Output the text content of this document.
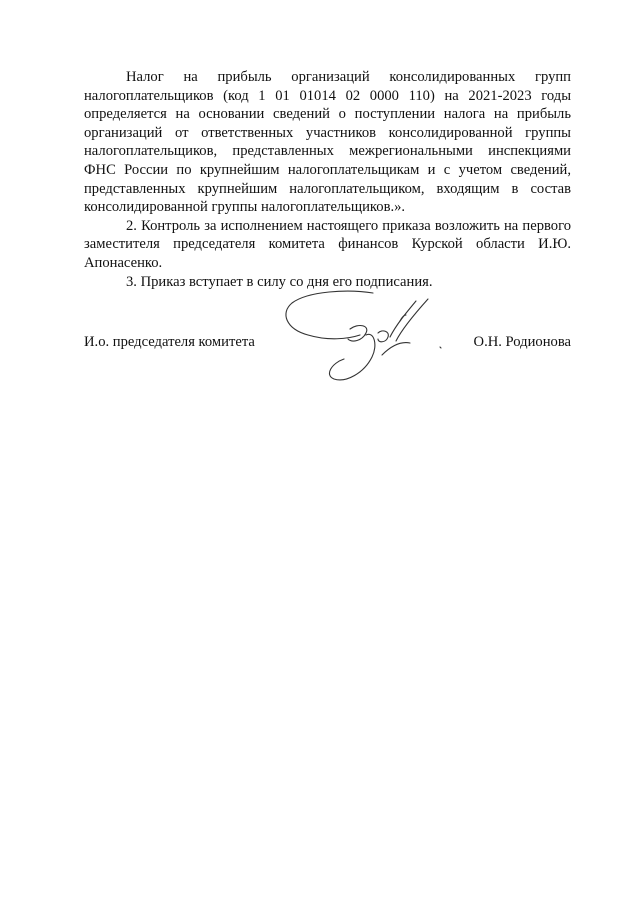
Налог на прибыль организаций консолидированных групп налогоплательщиков (код 1 01 01014 02 0000 110) на 2021-2023 годы определяется на основании сведений о поступлении налога на прибыль организаций от ответственных участников консолидированной группы налогоплательщиков, представленных межрегиональными инспекциями ФНС России по крупнейшим налогоплательщикам и с учетом сведений, представленных крупнейшим налогоплательщиком, входящим в состав консолидированной группы налогоплательщиков.».

2. Контроль за исполнением настоящего приказа возложить на первого заместителя председателя комитета финансов Курской области И.Ю. Апонасенко.

3. Приказ вступает в силу со дня его подписания.

И.о. председателя комитета	О.Н. Родионова
